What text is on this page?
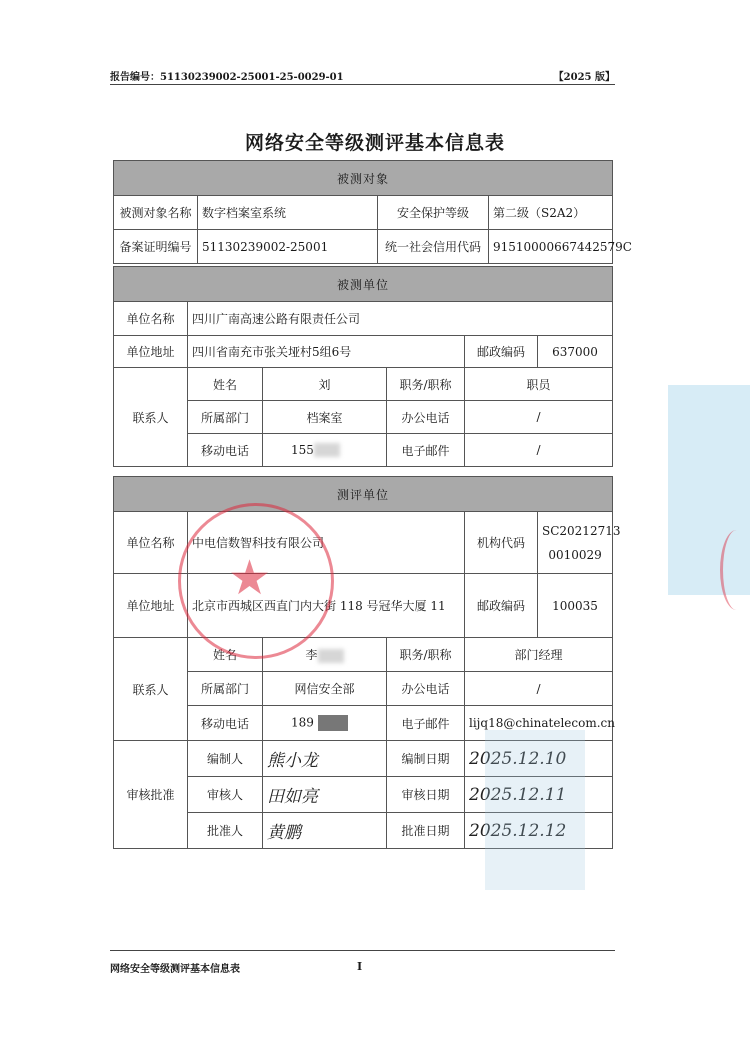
报告编号：51130239002-25001-25-0029-01	【2025 版】
网络安全等级测评基本信息表
被测对象			
被测对象名称	数字档案室系统	安全保护等级	第二级（S2A2）
备案证明编号	51130239002-25001	统一社会信用代码	91510000667442579C
被测单位					
单位名称	四川广南高速公路有限责任公司				
单位地址	四川省南充市张关垭村5组6号			邮政编码	637000
联系人	姓名	刘	职务/职称	职员	
	所属部门	档案室	办公电话	/	
	移动电话	155	电子邮件	/	
测评单位					
单位名称	中电信数智科技有限公司			机构代码	SC20212713
0010029

单位地址	北京市西城区西直门内大街 118 号冠华大厦 11			邮政编码	100035
联系人	姓名	李	职务/职称	部门经理	
	所属部门	网信安全部	办公电话	/	
	移动电话	189	电子邮件	lijq18@chinatelecom.cn	
审核批准	编制人	熊小龙	编制日期	2025.12.10	
	审核人	田如亮	审核日期	2025.12.11	
	批准人	黄鹏	批准日期	2025.12.12	
★
网络安全等级测评基本信息表	I
